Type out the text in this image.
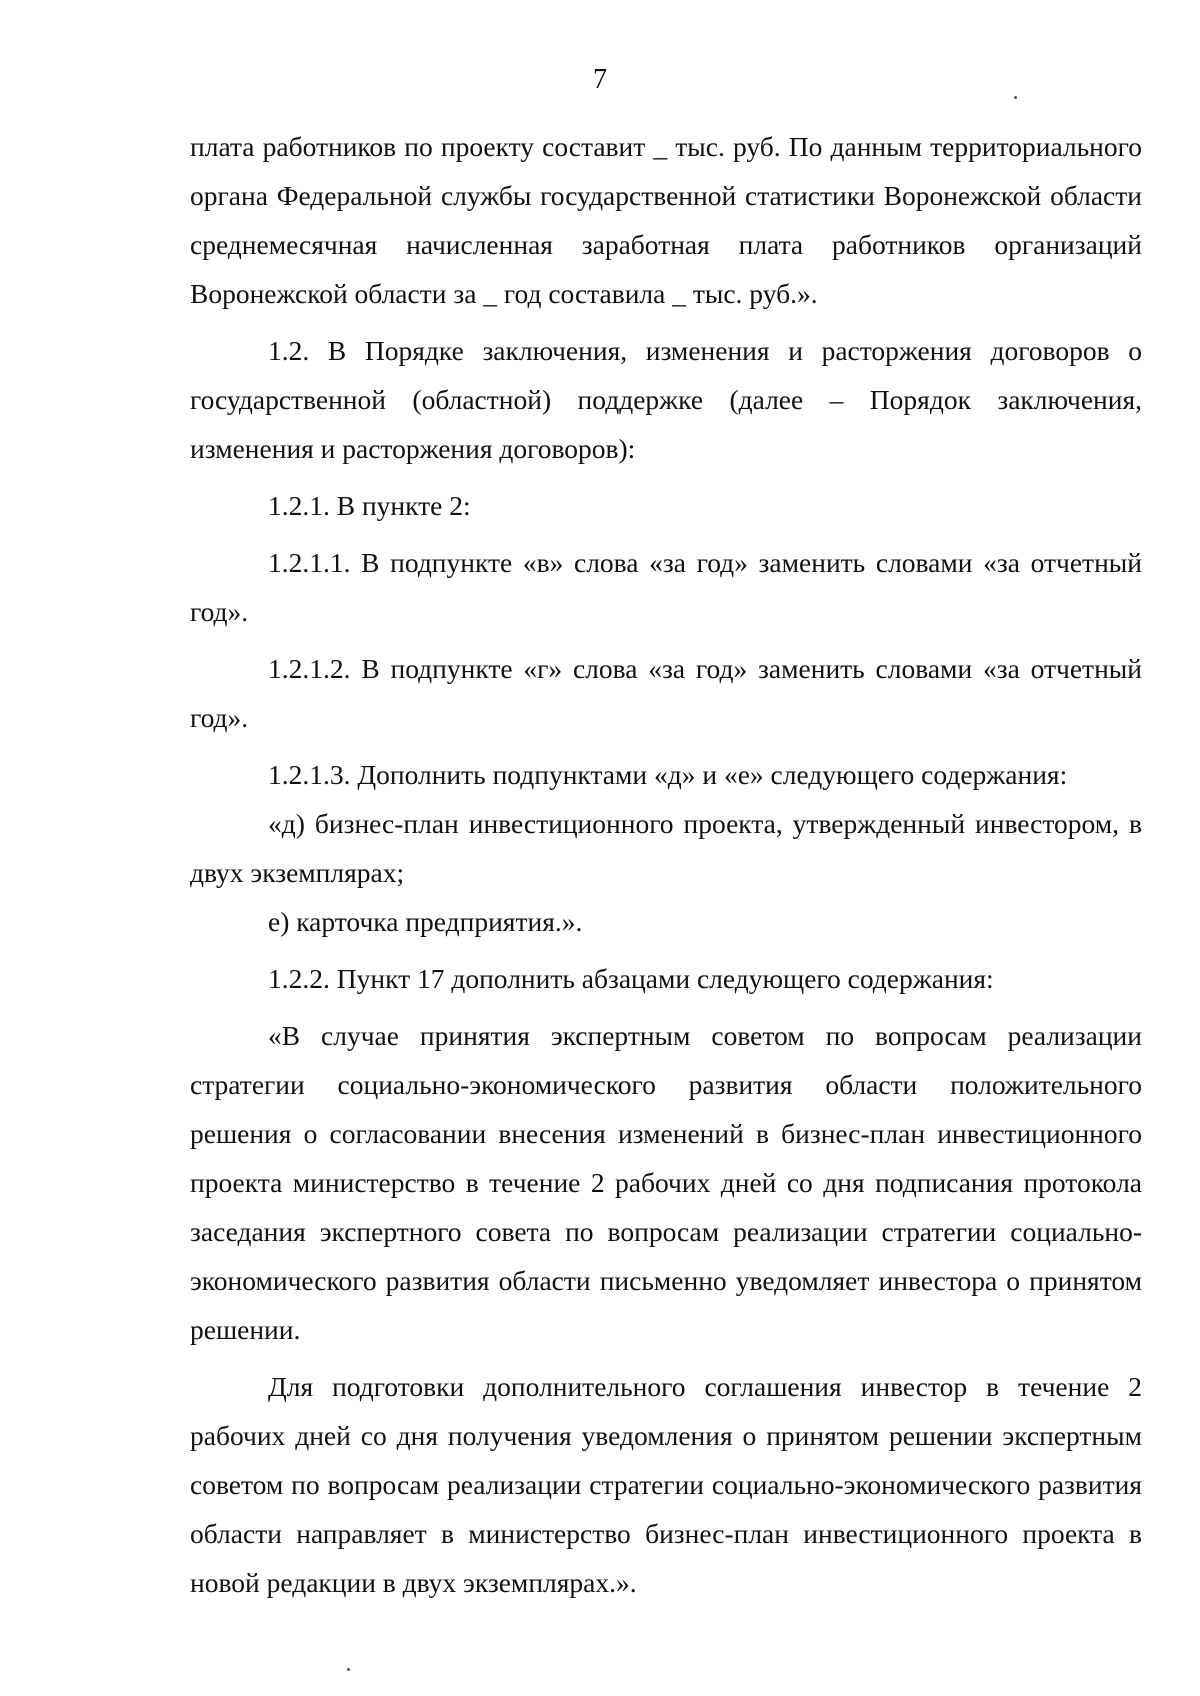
7

плата работников по проекту составит _ тыс. руб. По данным территориального органа Федеральной службы государственной статистики Воронежской области среднемесячная начисленная заработная плата работников организаций Воронежской области за _ год составила _ тыс. руб.».

1.2. В Порядке заключения, изменения и расторжения договоров о государственной (областной) поддержке (далее – Порядок заключения, изменения и расторжения договоров):

1.2.1. В пункте 2:

1.2.1.1. В подпункте «в» слова «за год» заменить словами «за отчетный год».

1.2.1.2. В подпункте «г» слова «за год» заменить словами «за отчетный год».

1.2.1.3. Дополнить подпунктами «д» и «е» следующего содержания:

«д) бизнес-план инвестиционного проекта, утвержденный инвестором, в двух экземплярах;

е) карточка предприятия.».

1.2.2. Пункт 17 дополнить абзацами следующего содержания:

«В случае принятия экспертным советом по вопросам реализации стратегии социально-экономического развития области положительного решения о согласовании внесения изменений в бизнес-план инвестиционного проекта министерство в течение 2 рабочих дней со дня подписания протокола заседания экспертного совета по вопросам реализации стратегии социально-экономического развития области письменно уведомляет инвестора о принятом решении.

Для подготовки дополнительного соглашения инвестор в течение 2 рабочих дней со дня получения уведомления о принятом решении экспертным советом по вопросам реализации стратегии социально-экономического развития области направляет в министерство бизнес-план инвестиционного проекта в новой редакции в двух экземплярах.».
